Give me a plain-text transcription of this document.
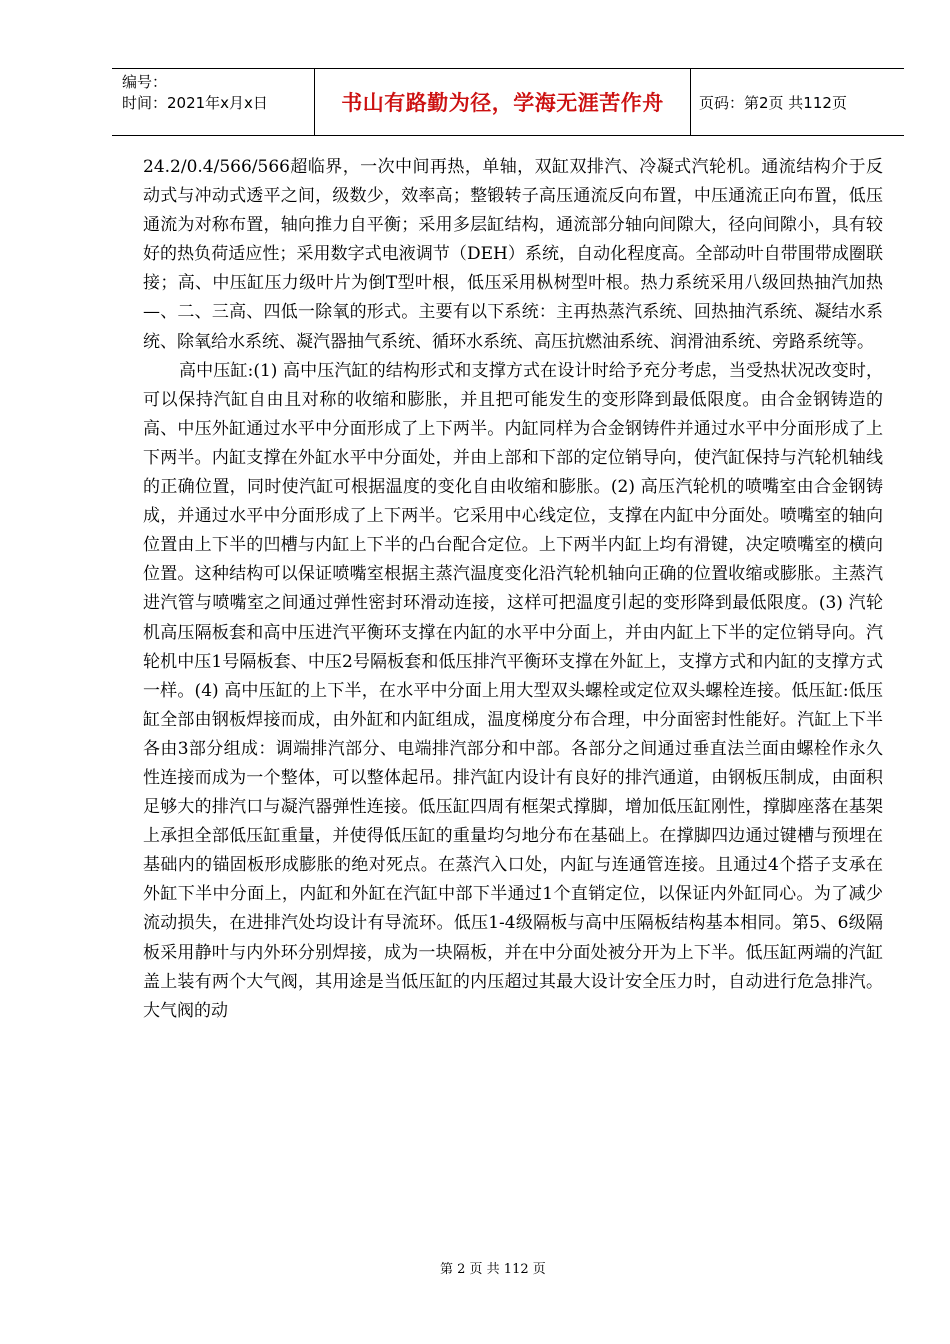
编号：
时间：2021年x月x日	书山有路勤为径，学海无涯苦作舟	页码：第2页 共112页

24.2/0.4/566/566超临界，一次中间再热，单轴，双缸双排汽、冷凝式汽轮机。通流结构介于反动式与冲动式透平之间，级数少，效率高；整锻转子高压通流反向布置，中压通流正向布置，低压通流为对称布置，轴向推力自平衡；采用多层缸结构，通流部分轴向间隙大，径向间隙小，具有较好的热负荷适应性；采用数字式电液调节（DEH）系统，自动化程度高。全部动叶自带围带成圈联接；高、中压缸压力级叶片为倒T型叶根，低压采用枞树型叶根。热力系统采用八级回热抽汽加热—、二、三高、四低一除氧的形式。主要有以下系统：主再热蒸汽系统、回热抽汽系统、凝结水系统、除氧给水系统、凝汽器抽气系统、循环水系统、高压抗燃油系统、润滑油系统、旁路系统等。

高中压缸:(1) 高中压汽缸的结构形式和支撑方式在设计时给予充分考虑，当受热状况改变时，可以保持汽缸自由且对称的收缩和膨胀，并且把可能发生的变形降到最低限度。由合金钢铸造的高、中压外缸通过水平中分面形成了上下两半。内缸同样为合金钢铸件并通过水平中分面形成了上下两半。内缸支撑在外缸水平中分面处，并由上部和下部的定位销导向，使汽缸保持与汽轮机轴线的正确位置，同时使汽缸可根据温度的变化自由收缩和膨胀。(2) 高压汽轮机的喷嘴室由合金钢铸成，并通过水平中分面形成了上下两半。它采用中心线定位，支撑在内缸中分面处。喷嘴室的轴向位置由上下半的凹槽与内缸上下半的凸台配合定位。上下两半内缸上均有滑键，决定喷嘴室的横向位置。这种结构可以保证喷嘴室根据主蒸汽温度变化沿汽轮机轴向正确的位置收缩或膨胀。主蒸汽进汽管与喷嘴室之间通过弹性密封环滑动连接，这样可把温度引起的变形降到最低限度。(3) 汽轮机高压隔板套和高中压进汽平衡环支撑在内缸的水平中分面上，并由内缸上下半的定位销导向。汽轮机中压1号隔板套、中压2号隔板套和低压排汽平衡环支撑在外缸上，支撑方式和内缸的支撑方式一样。(4) 高中压缸的上下半，在水平中分面上用大型双头螺栓或定位双头螺栓连接。低压缸:低压缸全部由钢板焊接而成，由外缸和内缸组成，温度梯度分布合理，中分面密封性能好。汽缸上下半各由3部分组成：调端排汽部分、电端排汽部分和中部。各部分之间通过垂直法兰面由螺栓作永久性连接而成为一个整体，可以整体起吊。排汽缸内设计有良好的排汽通道，由钢板压制成，由面积足够大的排汽口与凝汽器弹性连接。低压缸四周有框架式撑脚，增加低压缸刚性，撑脚座落在基架上承担全部低压缸重量，并使得低压缸的重量均匀地分布在基础上。在撑脚四边通过键槽与预埋在基础内的锚固板形成膨胀的绝对死点。在蒸汽入口处，内缸与连通管连接。且通过4个搭子支承在外缸下半中分面上，内缸和外缸在汽缸中部下半通过1个直销定位，以保证内外缸同心。为了减少流动损失，在进排汽处均设计有导流环。低压1-4级隔板与高中压隔板结构基本相同。第5、6级隔板采用静叶与内外环分别焊接，成为一块隔板，并在中分面处被分开为上下半。低压缸两端的汽缸盖上装有两个大气阀，其用途是当低压缸的内压超过其最大设计安全压力时，自动进行危急排汽。大气阀的动

第 2 页 共 112 页
